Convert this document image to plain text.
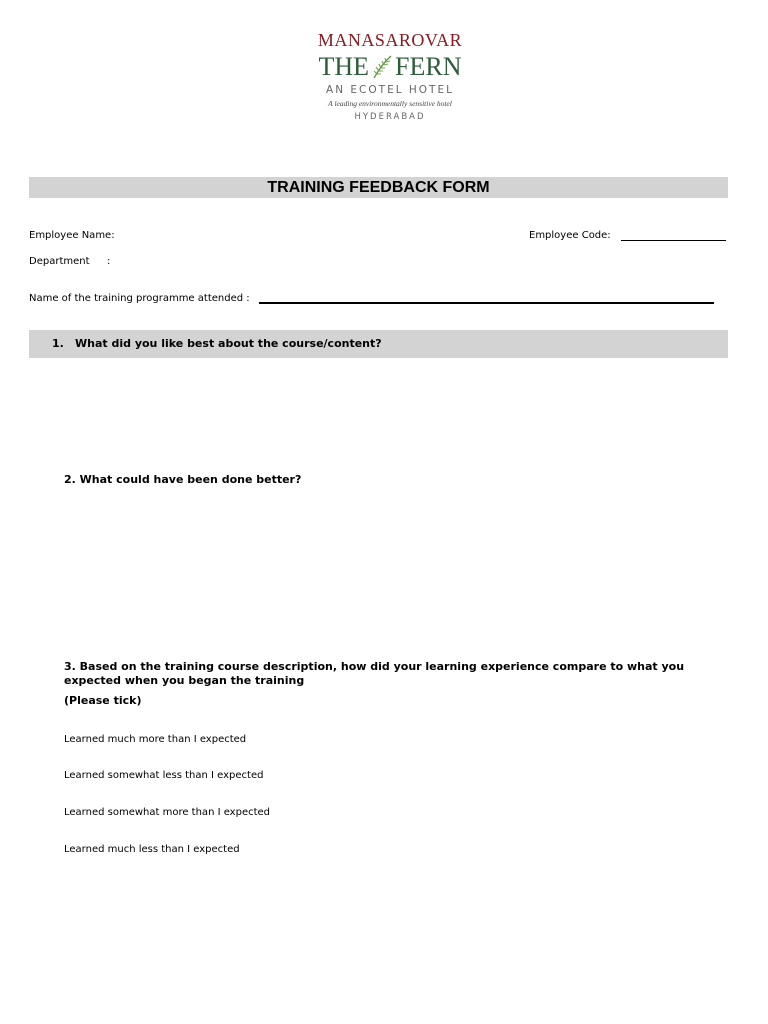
MANASAROVAR
THE FERN
AN ECOTEL HOTEL
A leading environmentally sensitive hotel
HYDERABAD
TRAINING FEEDBACK FORM
Employee Name:	Employee Code:
Department :
Name of the training programme attended :
1. What did you like best about the course/content?
2. What could have been done better?
3. Based on the training course description, how did your learning experience compare to what you expected when you began the training
(Please tick)
Learned much more than I expected
Learned somewhat less than I expected
Learned somewhat more than I expected
Learned much less than I expected
